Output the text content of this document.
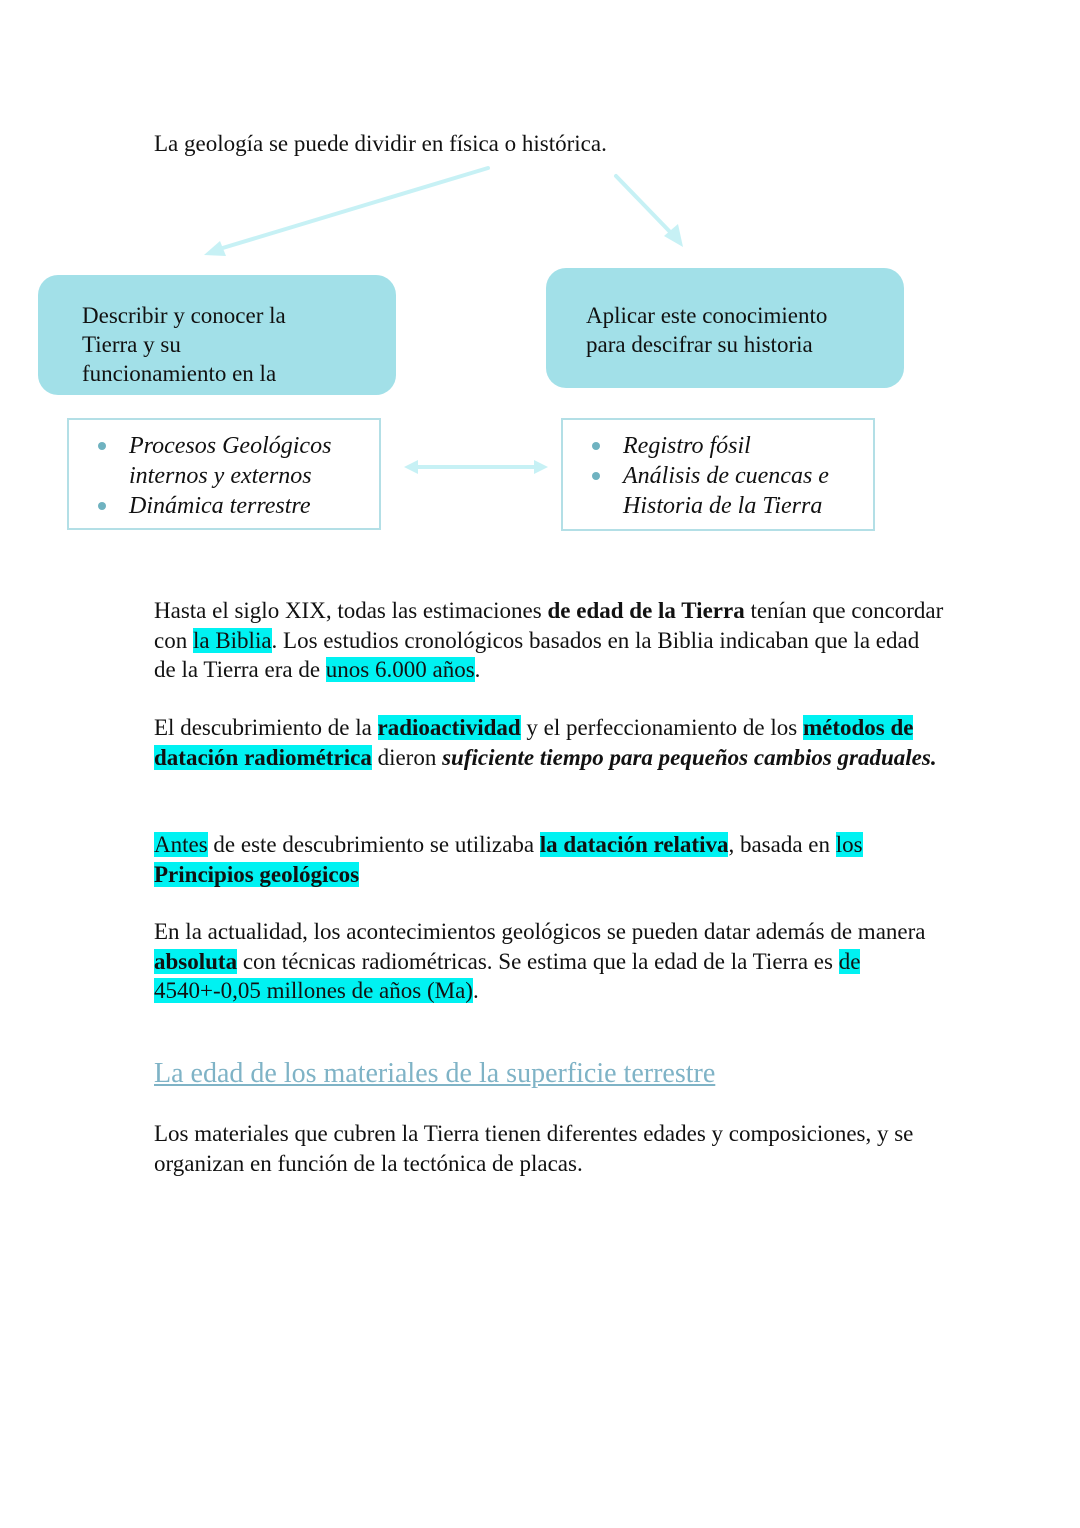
La geología se puede dividir en física o histórica.
Describir y conocer la
Tierra y su
funcionamiento en la
Aplicar este conocimiento
para descifrar su historia
Procesos Geológicos
internos y externos
Dinámica terrestre
Registro fósil
Análisis de cuencas e
Historia de la Tierra
Hasta el siglo XIX, todas las estimaciones de edad de la Tierra tenían que concordar con la Biblia. Los estudios cronológicos basados en la Biblia indicaban que la edad de la Tierra era de unos 6.000 años.
El descubrimiento de la radioactividad y el perfeccionamiento de los métodos de datación radiométrica dieron suficiente tiempo para pequeños cambios graduales.
Antes de este descubrimiento se utilizaba la datación relativa, basada en los Principios geológicos
En la actualidad, los acontecimientos geológicos se pueden datar además de manera absoluta con técnicas radiométricas. Se estima que la edad de la Tierra es de 4540+-0,05 millones de años (Ma).
La edad de los materiales de la superficie terrestre
Los materiales que cubren la Tierra tienen diferentes edades y composiciones, y se organizan en función de la tectónica de placas.
